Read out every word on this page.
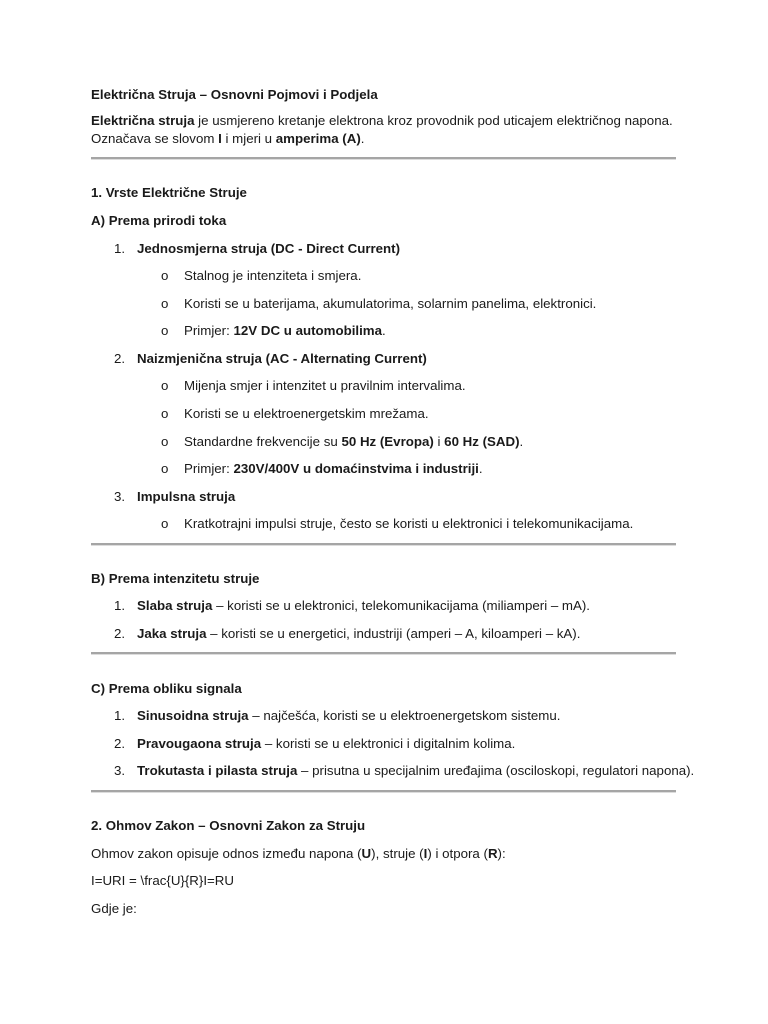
Električna Struja – Osnovni Pojmovi i Podjela
Električna struja je usmjereno kretanje elektrona kroz provodnik pod uticajem električnog napona.
Označava se slovom I i mjeri u amperima (A).
1. Vrste Električne Struje
A) Prema prirodi toka
1. Jednosmjerna struja (DC - Direct Current)
o Stalnog je intenziteta i smjera.
o Koristi se u baterijama, akumulatorima, solarnim panelima, elektronici.
o Primjer: 12V DC u automobilima.
2. Naizmjenična struja (AC - Alternating Current)
o Mijenja smjer i intenzitet u pravilnim intervalima.
o Koristi se u elektroenergetskim mrežama.
o Standardne frekvencije su 50 Hz (Evropa) i 60 Hz (SAD).
o Primjer: 230V/400V u domaćinstvima i industriji.
3. Impulsna struja
o Kratkotrajni impulsi struje, često se koristi u elektronici i telekomunikacijama.
B) Prema intenzitetu struje
1. Slaba struja – koristi se u elektronici, telekomunikacijama (miliamperi – mA).
2. Jaka struja – koristi se u energetici, industriji (amperi – A, kiloamperi – kA).
C) Prema obliku signala
1. Sinusoidna struja – najčešća, koristi se u elektroenergetskom sistemu.
2. Pravougaona struja – koristi se u elektronici i digitalnim kolima.
3. Trokutasta i pilasta struja – prisutna u specijalnim uređajima (osciloskopi, regulatori napona).
2. Ohmov Zakon – Osnovni Zakon za Struju
Ohmov zakon opisuje odnos između napona (U), struje (I) i otpora (R):
I=URI = \frac{U}{R}I=RU
Gdje je:
